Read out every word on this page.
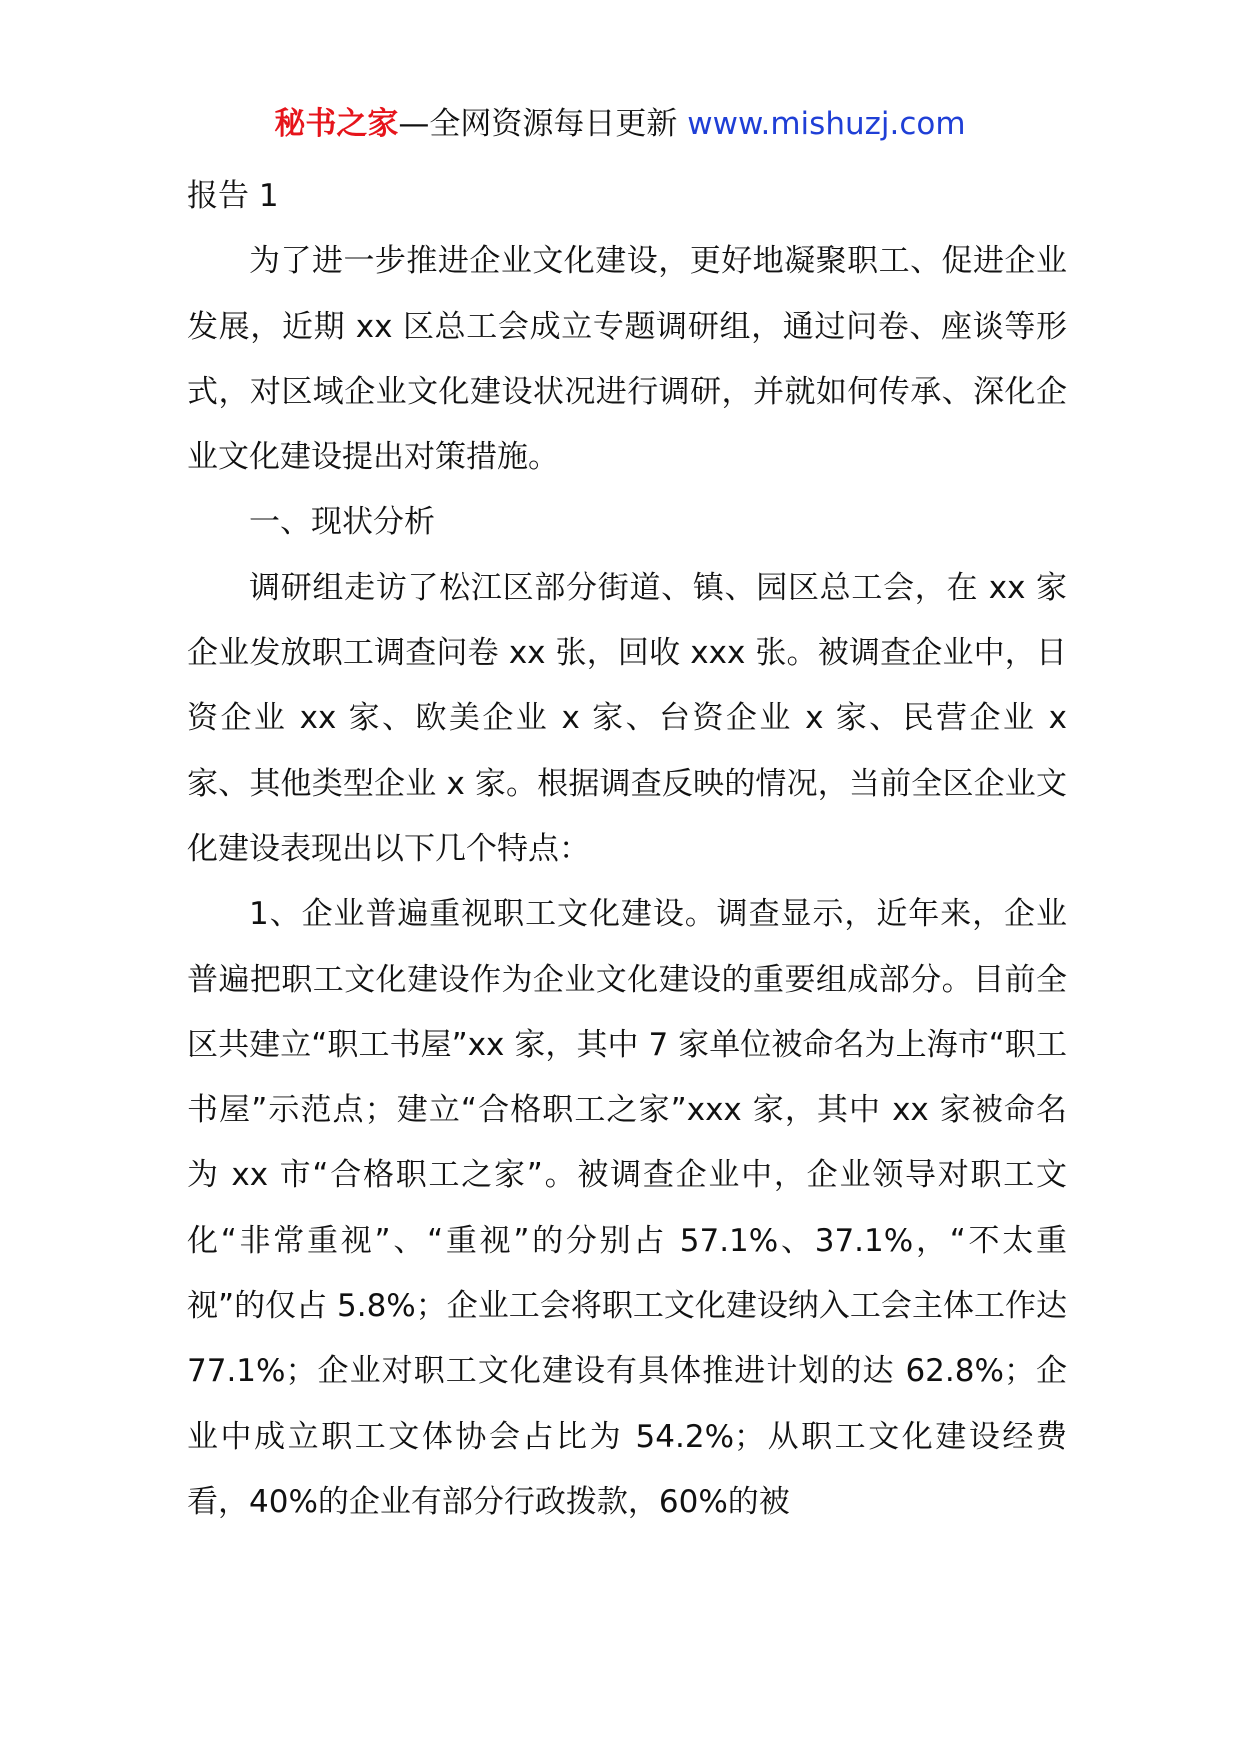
秘书之家—全网资源每日更新 www.mishuzj.com

报告 1

为了进一步推进企业文化建设，更好地凝聚职工、促进企业发展，近期 xx 区总工会成立专题调研组，通过问卷、座谈等形式，对区域企业文化建设状况进行调研，并就如何传承、深化企业文化建设提出对策措施。

一、现状分析

调研组走访了松江区部分街道、镇、园区总工会，在 xx 家企业发放职工调查问卷 xx 张，回收 xxx 张。被调查企业中，日资企业 xx 家、欧美企业 x 家、台资企业 x 家、民营企业 x 家、其他类型企业 x 家。根据调查反映的情况，当前全区企业文化建设表现出以下几个特点：

1、企业普遍重视职工文化建设。调查显示，近年来，企业普遍把职工文化建设作为企业文化建设的重要组成部分。目前全区共建立“职工书屋”xx 家，其中 7 家单位被命名为上海市“职工书屋”示范点；建立“合格职工之家”xxx 家，其中 xx 家被命名为 xx 市“合格职工之家”。被调查企业中，企业领导对职工文化“非常重视”、“重视”的分别占 57.1%、37.1%，“不太重视”的仅占 5.8%；企业工会将职工文化建设纳入工会主体工作达 77.1%；企业对职工文化建设有具体推进计划的达 62.8%；企业中成立职工文体协会占比为 54.2%；从职工文化建设经费看，40%的企业有部分行政拨款，60%的被
